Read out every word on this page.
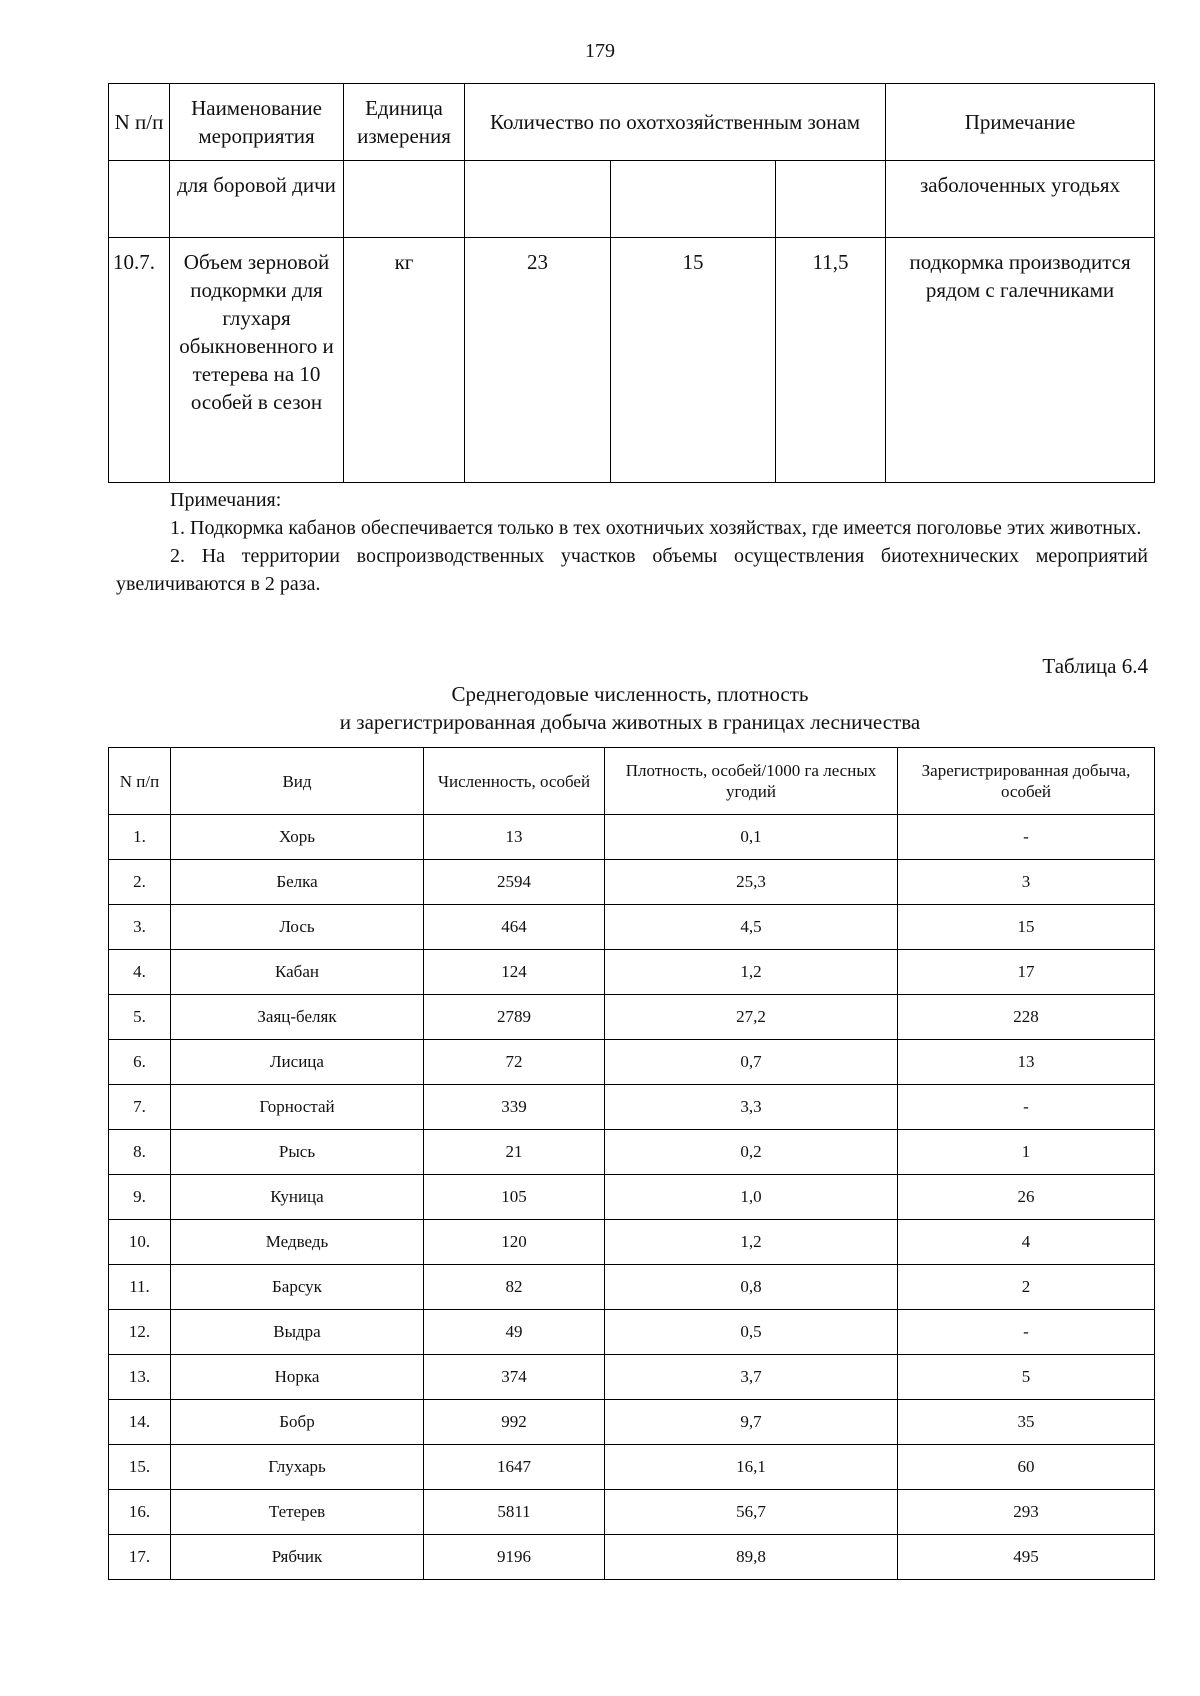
179
N п/п	Наименование мероприятия	Единица измерения	Количество по охотхозяйственным зонам			Примечание
	для боровой дичи					заболоченных угодьях
10.7.	Объем зерновой подкормки для глухаря обыкновенного и тетерева на 10 особей в сезон	кг	23	15	11,5	подкормка производится рядом с галечниками
Примечания:
1. Подкормка кабанов обеспечивается только в тех охотничьих хозяйствах, где имеется поголовье этих животных.
2. На территории воспроизводственных участков объемы осуществления биотехнических мероприятий увеличиваются в 2 раза.
Таблица 6.4
Среднегодовые численность, плотность
и зарегистрированная добыча животных в границах лесничества
N п/п	Вид	Численность, особей	Плотность, особей/1000 га лесных угодий	Зарегистрированная добыча, особей
1.	Хорь	13	0,1	-
2.	Белка	2594	25,3	3
3.	Лось	464	4,5	15
4.	Кабан	124	1,2	17
5.	Заяц-беляк	2789	27,2	228
6.	Лисица	72	0,7	13
7.	Горностай	339	3,3	-
8.	Рысь	21	0,2	1
9.	Куница	105	1,0	26
10.	Медведь	120	1,2	4
11.	Барсук	82	0,8	2
12.	Выдра	49	0,5	-
13.	Норка	374	3,7	5
14.	Бобр	992	9,7	35
15.	Глухарь	1647	16,1	60
16.	Тетерев	5811	56,7	293
17.	Рябчик	9196	89,8	495
